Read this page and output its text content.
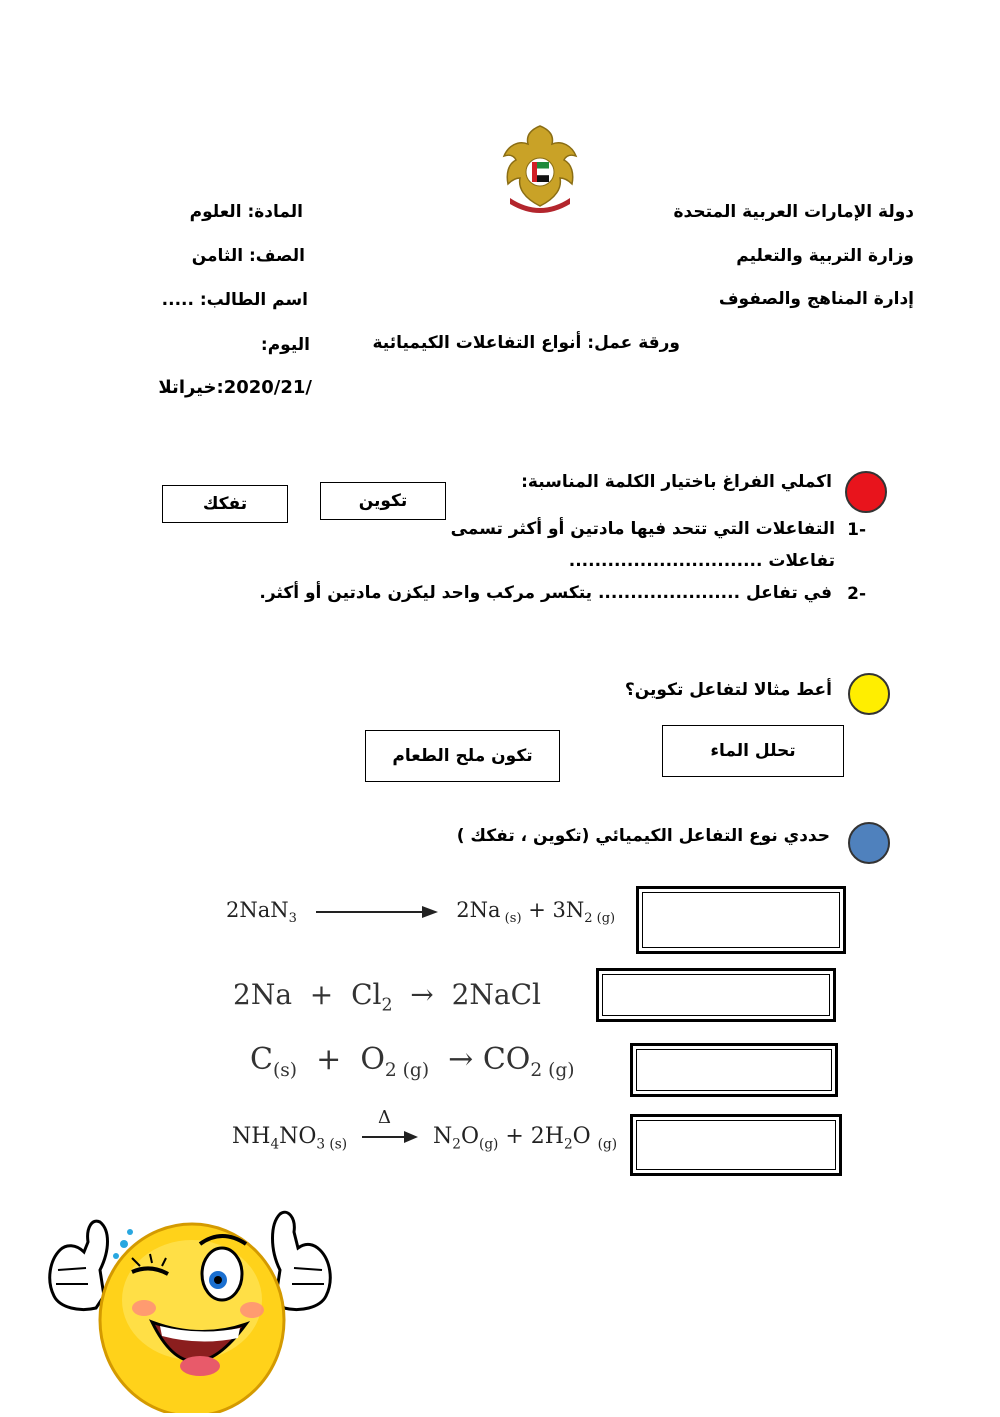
دولة الإمارات العربية المتحدة
وزارة التربية والتعليم
إدارة المناهج والصفوف
ورقة عمل: أنواع التفاعلات الكيميائية
المادة: العلوم
الصف: الثامن
اسم الطالب: .....
اليوم:
التاريخ:2020/21/
اكملي الفراغ باختيار الكلمة المناسبة:
تكوين
تفكك
-1
التفاعلات التي تتحد فيها مادتين أو أكثر تسمى
تفاعلات ..............................
-2
في تفاعل ...................... يتكسر مركب واحد ليكزن مادتين أو أكثر.
أعط مثالا لتفاعل تكوين؟
تحلل الماء
تكون ملح الطعام
حددي نوع التفاعل الكيميائي (تكوين ، تفكك )
2NaN$_3$	2Na $_{(s)} + 3N_{2 (g)}$
$2Na + Cl_2$  →  2NaCl
$C_{(s)} + O_{2 (g)} \to CO_{2 (g)}$
$NH_4NO_{3 (s)}$
Δ
$N_2O_{(g)} + 2H_2O$ $_{(g)}$
